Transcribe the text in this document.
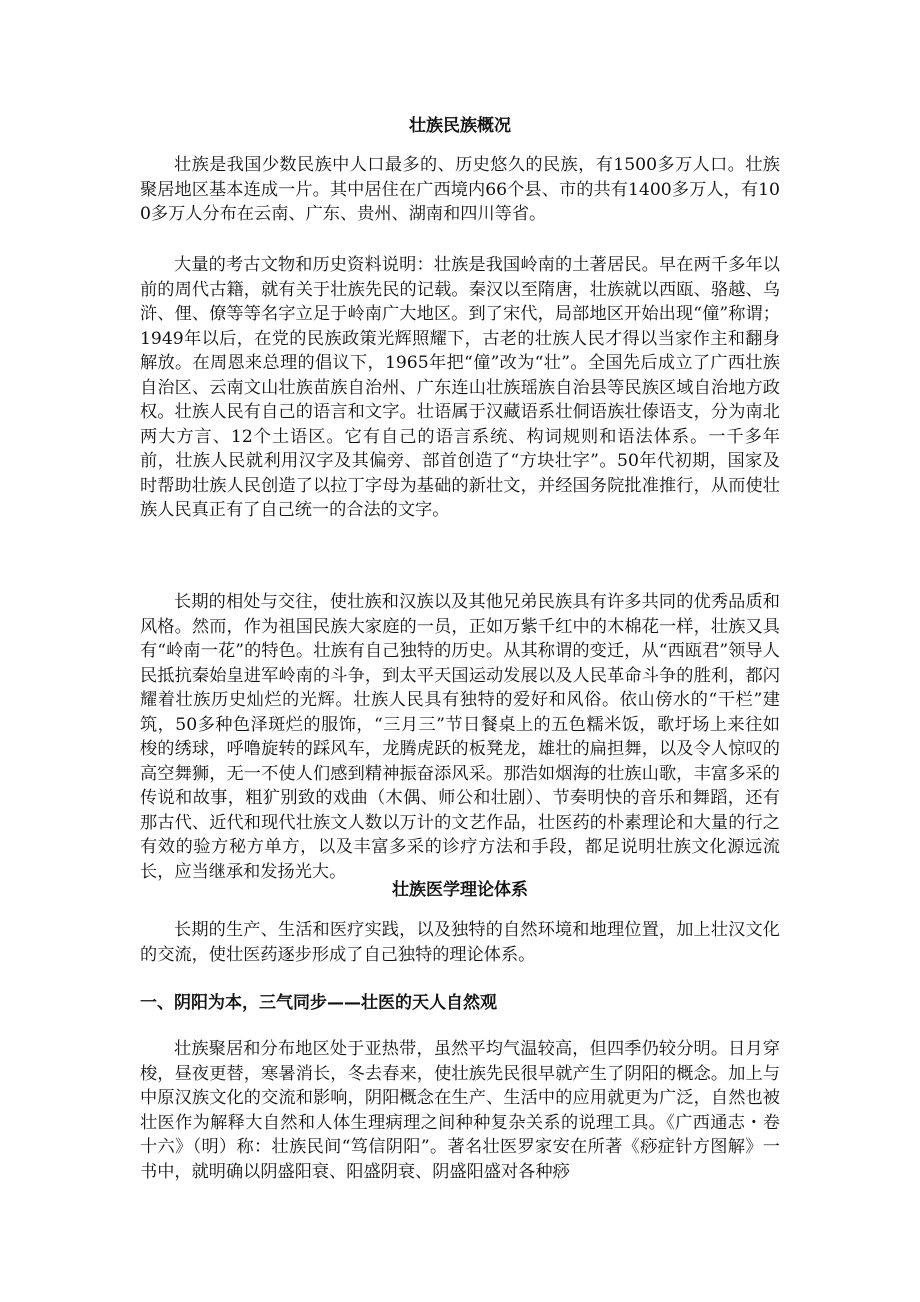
壮族民族概况

壮族是我国少数民族中人口最多的、历史悠久的民族，有1500多万人口。壮族聚居地区基本连成一片。其中居住在广西境内66个县、市的共有1400多万人，有100多万人分布在云南、广东、贵州、湖南和四川等省。

大量的考古文物和历史资料说明：壮族是我国岭南的土著居民。早在两千多年以前的周代古籍，就有关于壮族先民的记载。秦汉以至隋唐，壮族就以西瓯、骆越、乌浒、俚、僚等等名字立足于岭南广大地区。到了宋代，局部地区开始出现“僮”称谓；1949年以后，在党的民族政策光辉照耀下，古老的壮族人民才得以当家作主和翻身解放。在周恩来总理的倡议下，1965年把“僮”改为“壮”。全国先后成立了广西壮族自治区、云南文山壮族苗族自治州、广东连山壮族瑶族自治县等民族区域自治地方政权。壮族人民有自己的语言和文字。壮语属于汉藏语系壮侗语族壮傣语支，分为南北两大方言、12个土语区。它有自己的语言系统、构词规则和语法体系。一千多年前，壮族人民就利用汉字及其偏旁、部首创造了“方块壮字”。50年代初期，国家及时帮助壮族人民创造了以拉丁字母为基础的新壮文，并经国务院批准推行，从而使壮族人民真正有了自己统一的合法的文字。

长期的相处与交往，使壮族和汉族以及其他兄弟民族具有许多共同的优秀品质和风格。然而，作为祖国民族大家庭的一员，正如万紫千红中的木棉花一样，壮族又具有“岭南一花”的特色。壮族有自己独特的历史。从其称谓的变迁，从“西瓯君”领导人民抵抗秦始皇进军岭南的斗争，到太平天国运动发展以及人民革命斗争的胜利，都闪耀着壮族历史灿烂的光辉。壮族人民具有独特的爱好和风俗。依山傍水的“干栏”建筑，50多种色泽斑烂的服饰，“三月三”节日餐桌上的五色糯米饭，歌圩场上来往如梭的绣球，呼噜旋转的踩风车，龙腾虎跃的板凳龙，雄壮的扁担舞，以及令人惊叹的高空舞狮，无一不使人们感到精神振奋添风采。那浩如烟海的壮族山歌，丰富多采的传说和故事，粗犷别致的戏曲（木偶、师公和壮剧）、节奏明快的音乐和舞蹈，还有那古代、近代和现代壮族文人数以万计的文艺作品，壮医药的朴素理论和大量的行之有效的验方秘方单方，以及丰富多采的诊疗方法和手段，都足说明壮族文化源远流长，应当继承和发扬光大。

壮族医学理论体系

长期的生产、生活和医疗实践，以及独特的自然环境和地理位置，加上壮汉文化的交流，使壮医药逐步形成了自己独特的理论体系。

一、阴阳为本，三气同步——壮医的天人自然观

壮族聚居和分布地区处于亚热带，虽然平均气温较高，但四季仍较分明。日月穿梭，昼夜更替，寒暑消长，冬去春来，使壮族先民很早就产生了阴阳的概念。加上与中原汉族文化的交流和影响，阴阳概念在生产、生活中的应用就更为广泛，自然也被壮医作为解释大自然和人体生理病理之间种种复杂关系的说理工具。《广西通志・卷十六》（明）称：壮族民间“笃信阴阳”。著名壮医罗家安在所著《痧症针方图解》一书中，就明确以阴盛阳衰、阳盛阴衰、阴盛阳盛对各种痧
